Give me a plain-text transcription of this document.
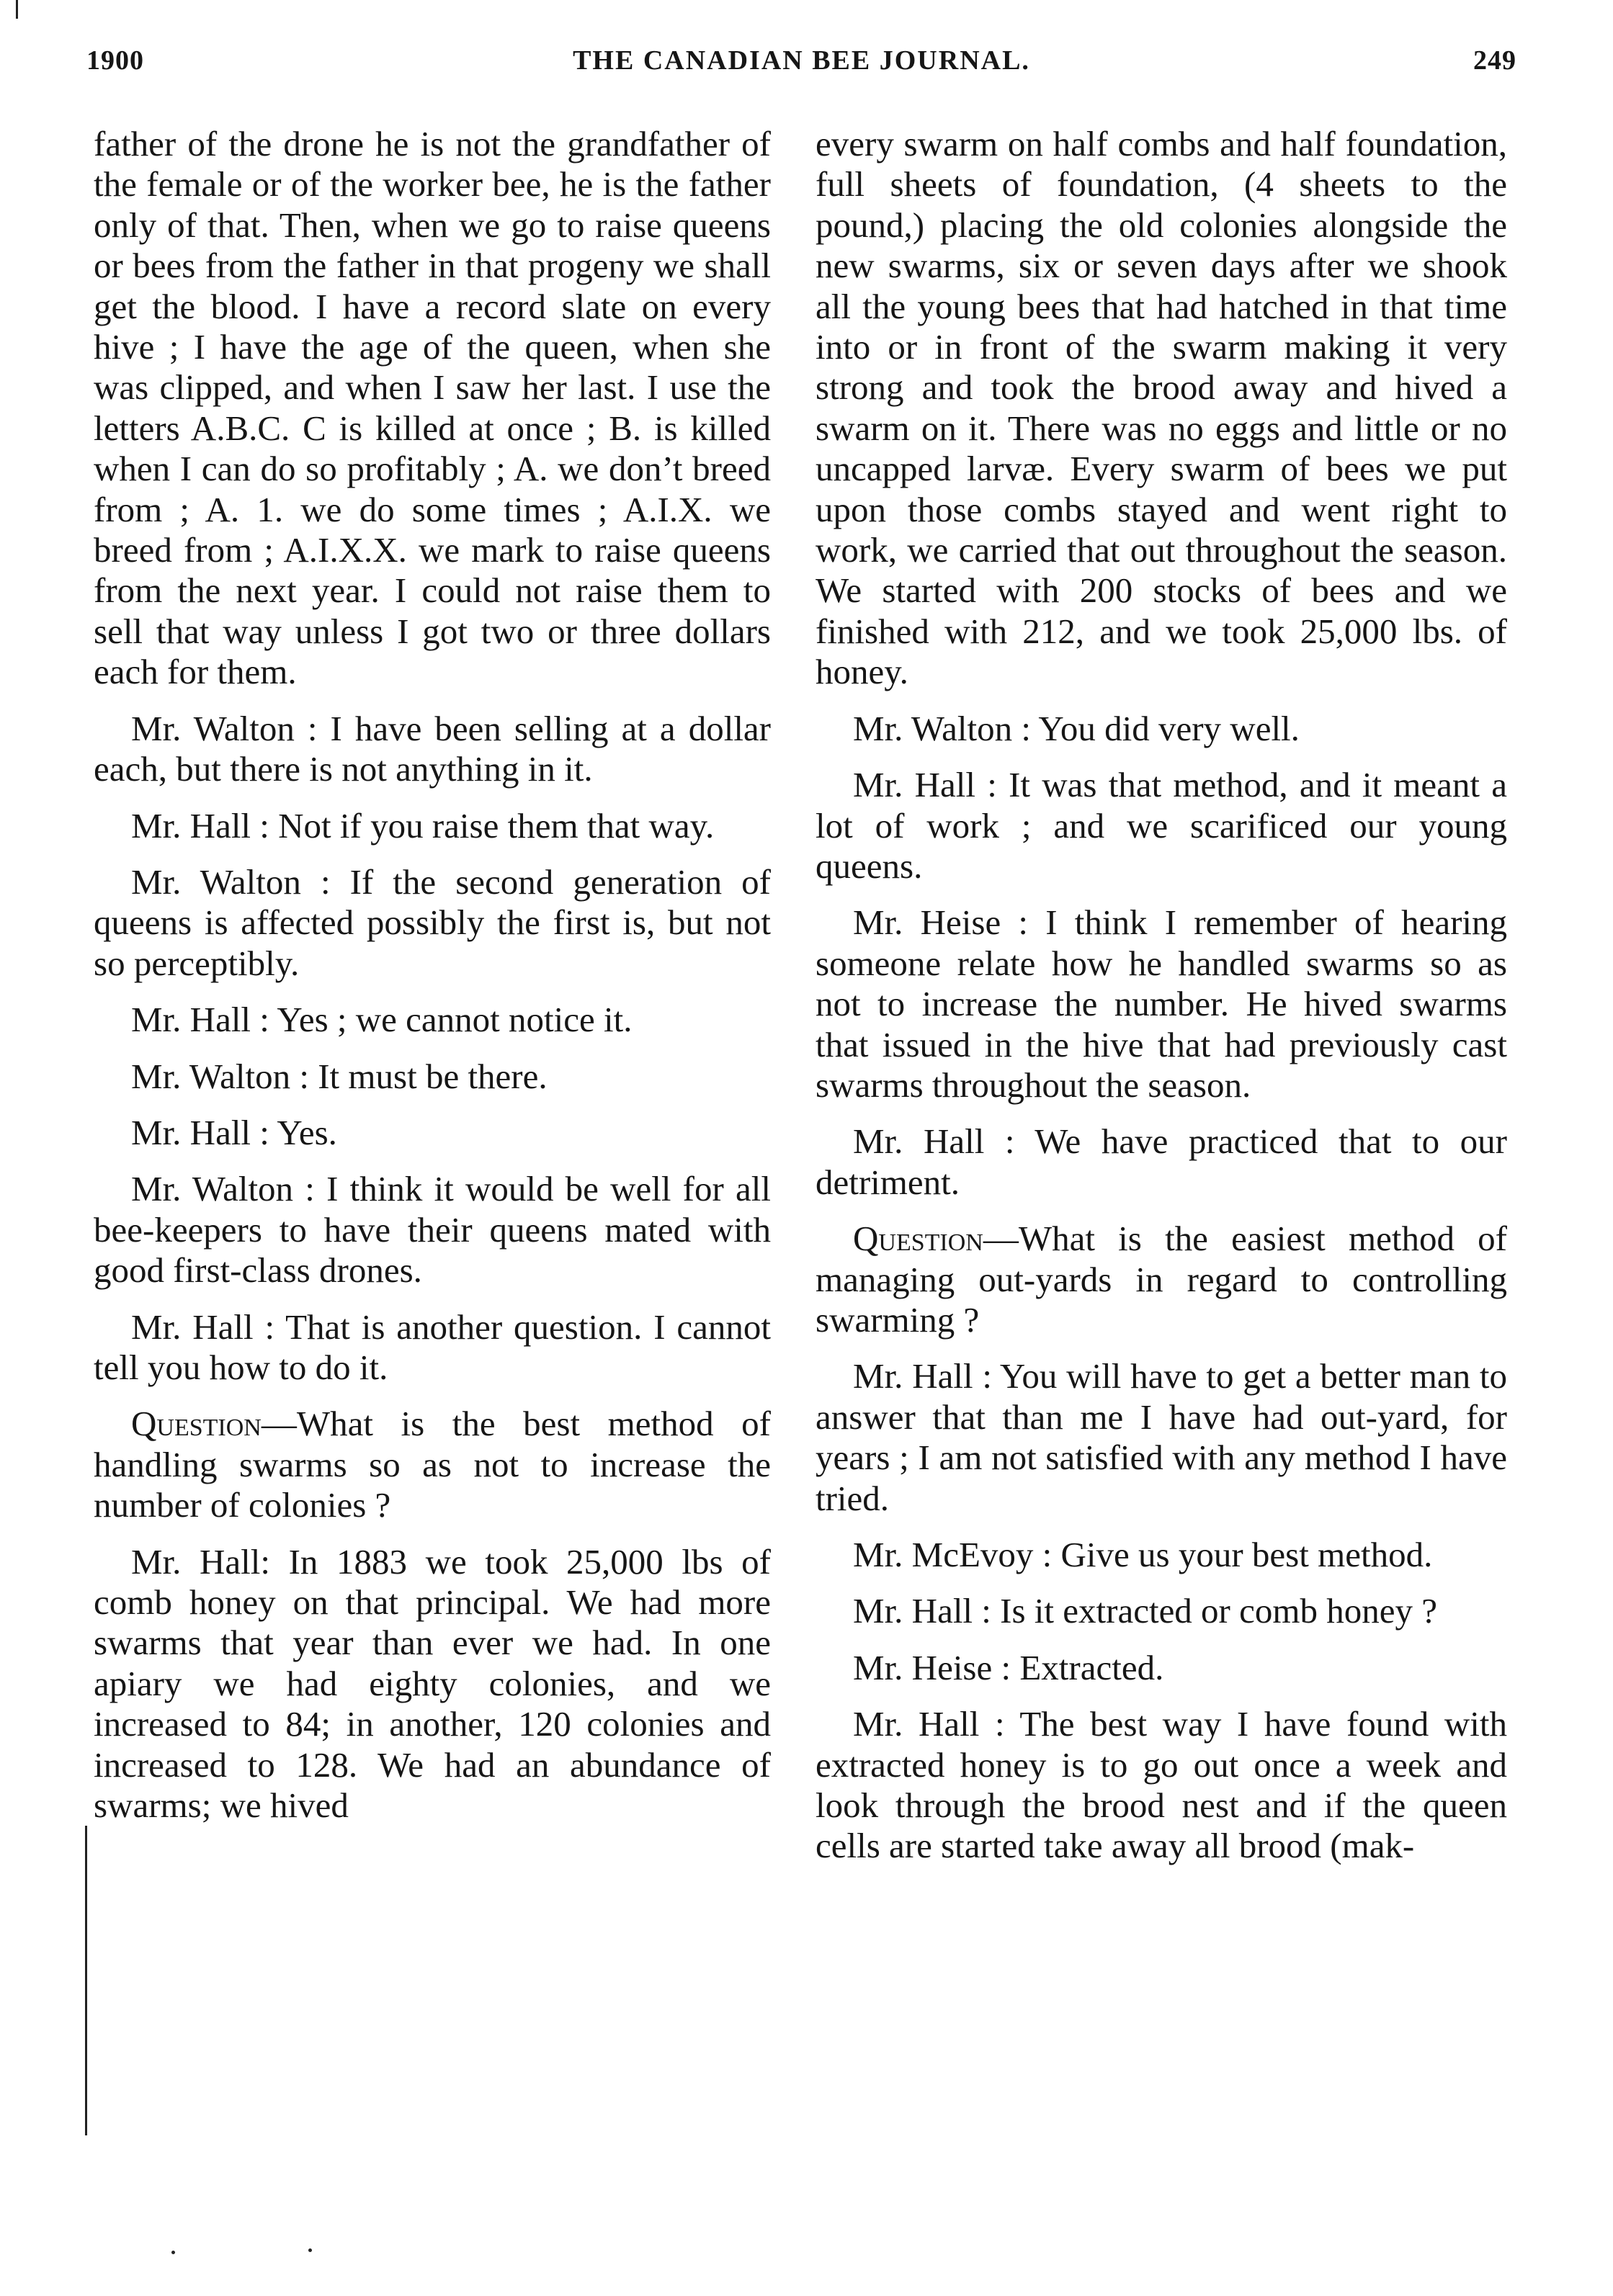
1900	THE CANADIAN BEE JOURNAL.	249

father of the drone he is not the grandfather of the female or of the worker bee, he is the father only of that. Then, when we go to raise queens or bees from the father in that progeny we shall get the blood. I have a record slate on every hive ; I have the age of the queen, when she was clipped, and when I saw her last. I use the letters A.B.C. C is killed at once ; B. is killed when I can do so profitably ; A. we don’t breed from ; A. 1. we do some times ; A.I.X. we breed from ; A.I.X.X. we mark to raise queens from the next year. I could not raise them to sell that way unless I got two or three dollars each for them.

Mr. Walton : I have been selling at a dollar each, but there is not anything in it.

Mr. Hall : Not if you raise them that way.

Mr. Walton : If the second generation of queens is affected possibly the first is, but not so perceptibly.

Mr. Hall : Yes ; we cannot notice it.

Mr. Walton : It must be there.

Mr. Hall : Yes.

Mr. Walton : I think it would be well for all bee-keepers to have their queens mated with good first-class drones.

Mr. Hall : That is another question. I cannot tell you how to do it.

Question—What is the best method of handling swarms so as not to increase the number of colonies ?

Mr. Hall: In 1883 we took 25,000 lbs of comb honey on that principal. We had more swarms that year than ever we had. In one apiary we had eighty colonies, and we increased to 84; in another, 120 colonies and increased to 128. We had an abundance of swarms; we hived

every swarm on half combs and half foundation, full sheets of foundation, (4 sheets to the pound,) placing the old colonies alongside the new swarms, six or seven days after we shook all the young bees that had hatched in that time into or in front of the swarm making it very strong and took the brood away and hived a swarm on it. There was no eggs and little or no uncapped larvæ. Every swarm of bees we put upon those combs stayed and went right to work, we carried that out throughout the season. We started with 200 stocks of bees and we finished with 212, and we took 25,000 lbs. of honey.

Mr. Walton : You did very well.

Mr. Hall : It was that method, and it meant a lot of work ; and we scarificed our young queens.

Mr. Heise : I think I remember of hearing someone relate how he handled swarms so as not to increase the number. He hived swarms that issued in the hive that had previously cast swarms throughout the season.

Mr. Hall : We have practiced that to our detriment.

Question—What is the easiest method of managing out-yards in regard to controlling swarming ?

Mr. Hall : You will have to get a better man to answer that than me I have had out-yard, for years ; I am not satisfied with any method I have tried.

Mr. McEvoy : Give us your best method.

Mr. Hall : Is it extracted or comb honey ?

Mr. Heise : Extracted.

Mr. Hall : The best way I have found with extracted honey is to go out once a week and look through the brood nest and if the queen cells are started take away all brood (mak-
